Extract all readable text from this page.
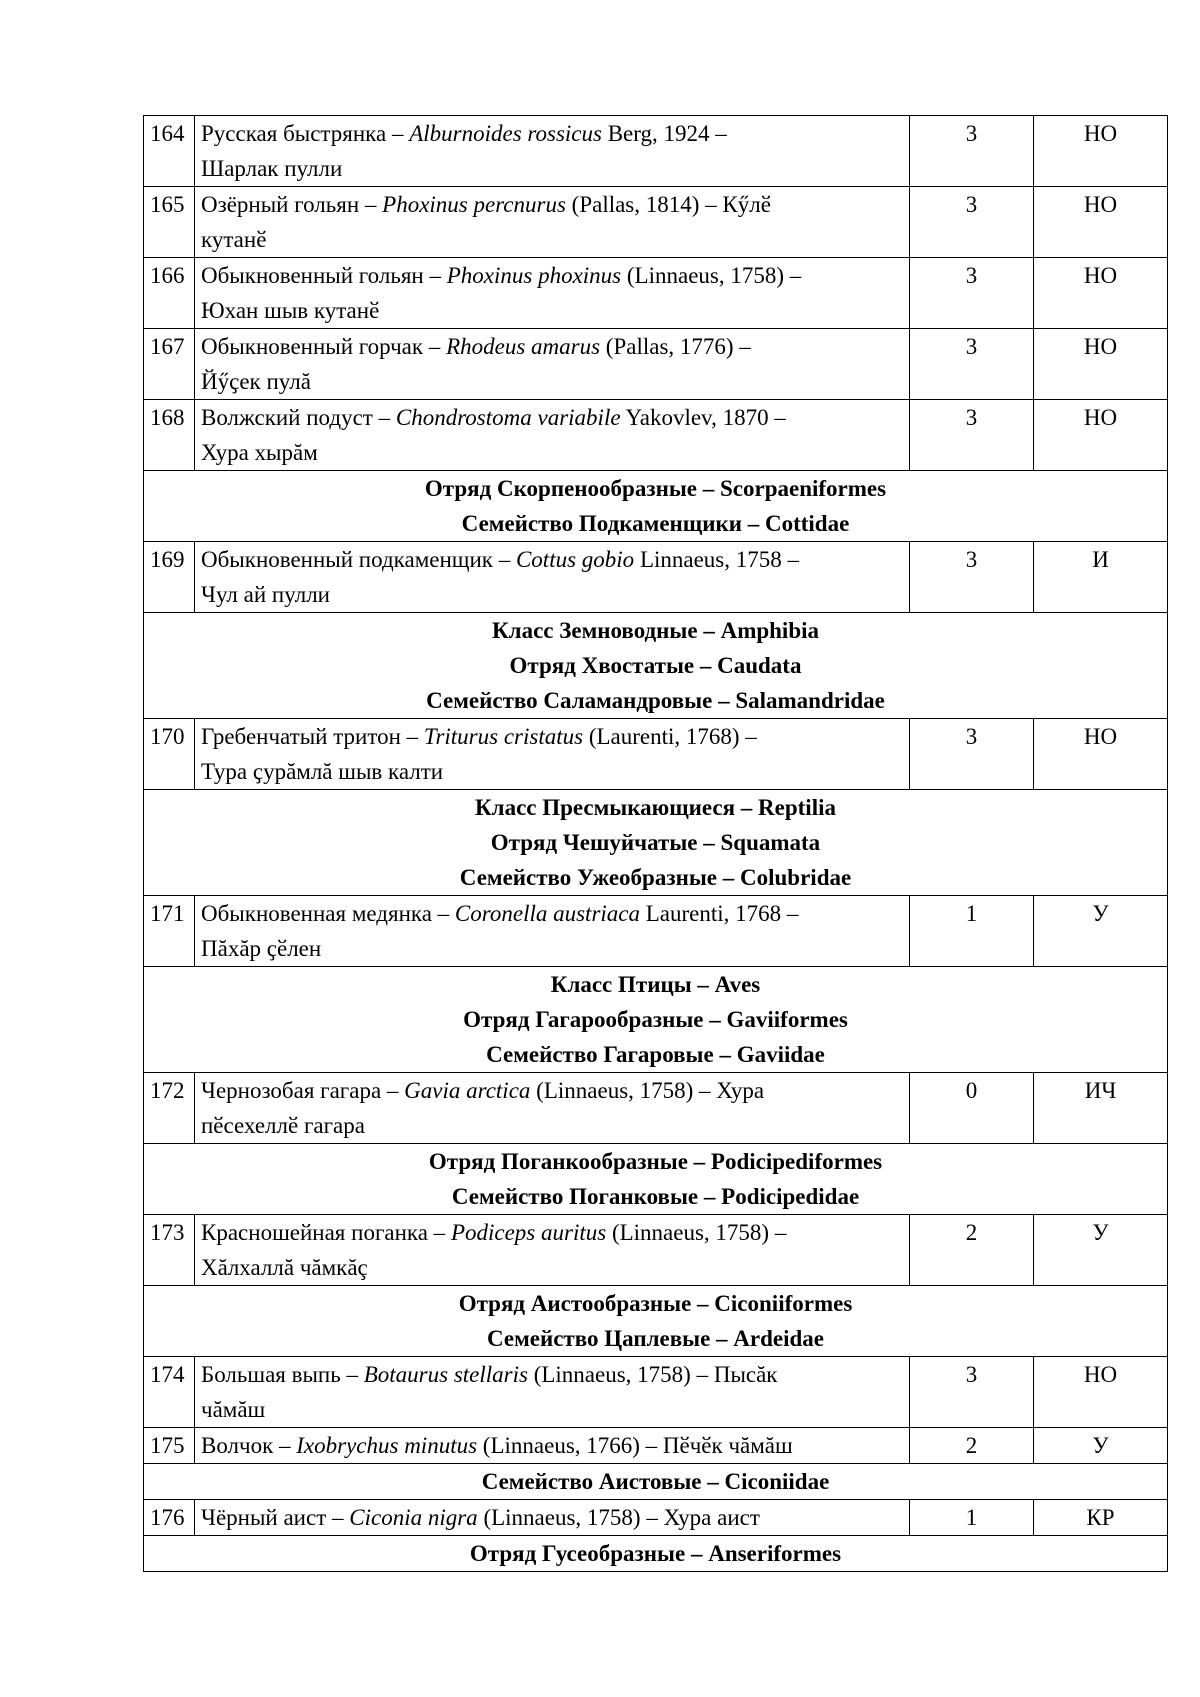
164	Русская быстрянка – Alburnoides rossicus Berg, 1924 –
Шарлак пулли	3	НО
165	Озёрный гольян – Phoxinus percnurus (Pallas, 1814) – Кӳлӗ
кутанӗ	3	НО
166	Обыкновенный гольян – Phoxinus phoxinus (Linnaeus, 1758) –
Юхан шыв кутанӗ	3	НО
167	Обыкновенный горчак – Rhodeus amarus (Pallas, 1776) –
Йӳҫек пулă	3	НО
168	Волжский подуст – Chondrostoma variabile Yakovlev, 1870 –
Хура хырăм	3	НО

Отряд Скорпенообразные – Scorpaeniformes
Семейство Подкаменщики – Cottidae			

169	Обыкновенный подкаменщик – Cottus gobio Linnaeus, 1758 –
Чул ай пулли	3	И

Класс Земноводные – Amphibia
Отряд Хвостатые – Caudata
Семейство Саламандровые – Salamandridae			

170	Гребенчатый тритон – Triturus cristatus (Laurenti, 1768) –
Тура ҫурăмлă шыв калти	3	НО

Класс Пресмыкающиеся – Reptilia
Отряд Чешуйчатые – Squamata
Семейство Ужеобразные – Colubridae			

171	Обыкновенная медянка – Coronella austriaca Laurenti, 1768 –
Пăхăр ҫӗлен	1	У

Класс Птицы – Aves
Отряд Гагарообразные – Gaviiformes
Семейство Гагаровые – Gaviidae			

172	Чернозобая гагара – Gavia arctica (Linnaeus, 1758) – Хура
пӗсехеллӗ гагара	0	ИЧ

Отряд Поганкообразные – Podicipediformes
Семейство Поганковые – Podicipedidae			

173	Красношейная поганка – Podiceps auritus (Linnaeus, 1758) –
Хăлхаллă чăмкăç	2	У

Отряд Аистообразные – Ciconiiformes
Семейство Цаплевые – Ardeidae			

174	Большая выпь – Botaurus stellaris (Linnaeus, 1758) – Пысăк
чăмăш	3	НО
175	Волчок – Ixobrychus minutus (Linnaeus, 1766) – Пӗчӗк чăмăш	2	У

Семейство Аистовые – Ciconiidae			

176	Чёрный аист – Ciconia nigra (Linnaeus, 1758) – Хура аист	1	КР

Отряд Гусеобразные – Anseriformes			
